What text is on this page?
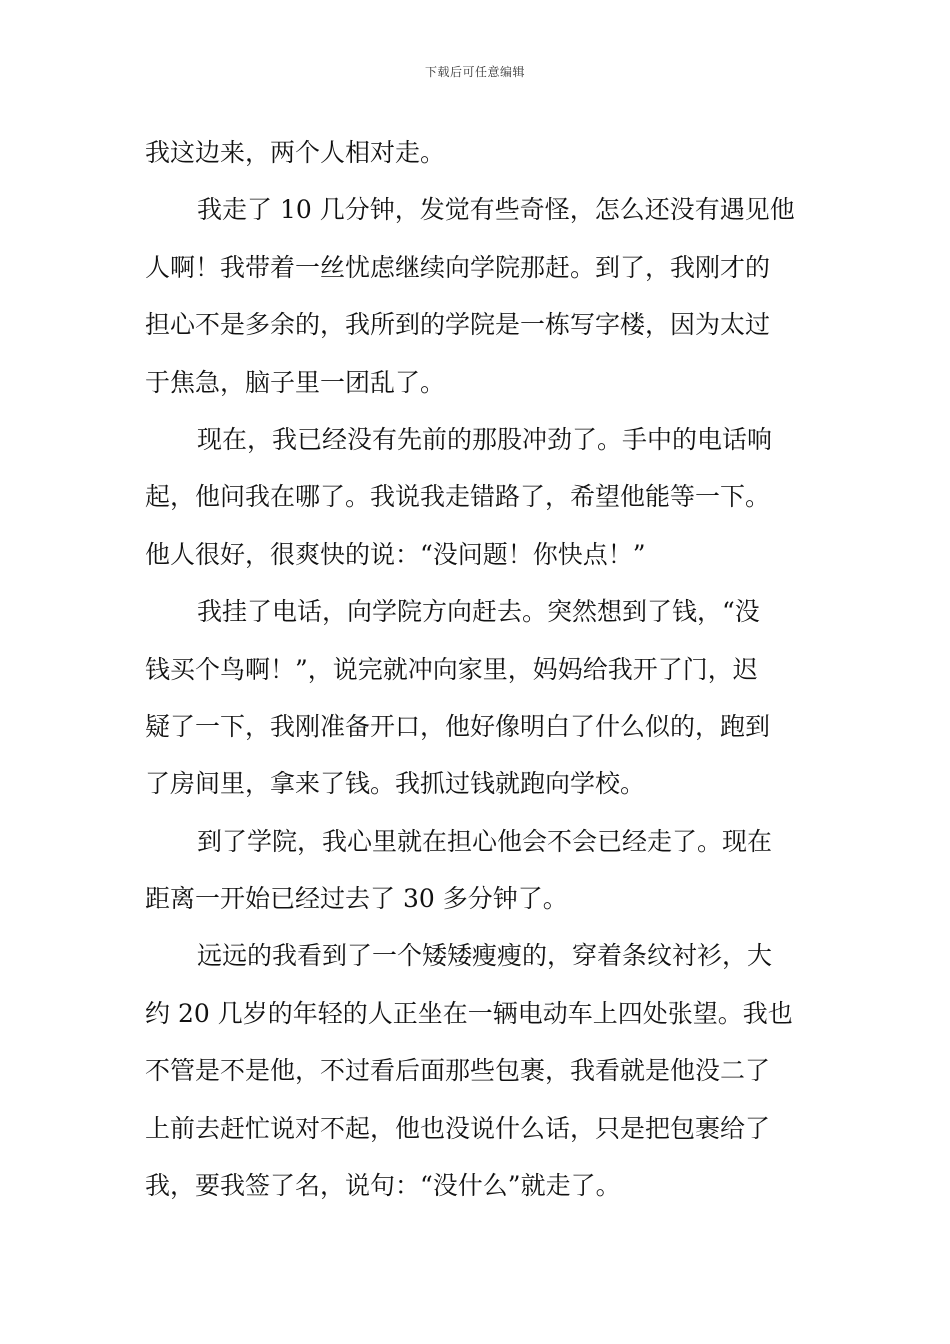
下载后可任意编辑
我这边来，两个人相对走。
我走了 10 几分钟，发觉有些奇怪，怎么还没有遇见他
人啊！我带着一丝忧虑继续向学院那赶。到了，我刚才的
担心不是多余的，我所到的学院是一栋写字楼，因为太过
于焦急，脑子里一团乱了。
现在，我已经没有先前的那股冲劲了。手中的电话响
起，他问我在哪了。我说我走错路了，希望他能等一下。
他人很好，很爽快的说：“没问题！你快点！”
我挂了电话，向学院方向赶去。突然想到了钱，“没
钱买个鸟啊！”，说完就冲向家里，妈妈给我开了门，迟
疑了一下，我刚准备开口，他好像明白了什么似的，跑到
了房间里，拿来了钱。我抓过钱就跑向学校。
到了学院，我心里就在担心他会不会已经走了。现在
距离一开始已经过去了 30 多分钟了。
远远的我看到了一个矮矮瘦瘦的，穿着条纹衬衫，大
约 20 几岁的年轻的人正坐在一辆电动车上四处张望。我也
不管是不是他，不过看后面那些包裹，我看就是他没二了
上前去赶忙说对不起，他也没说什么话，只是把包裹给了
我，要我签了名，说句：“没什么”就走了。
